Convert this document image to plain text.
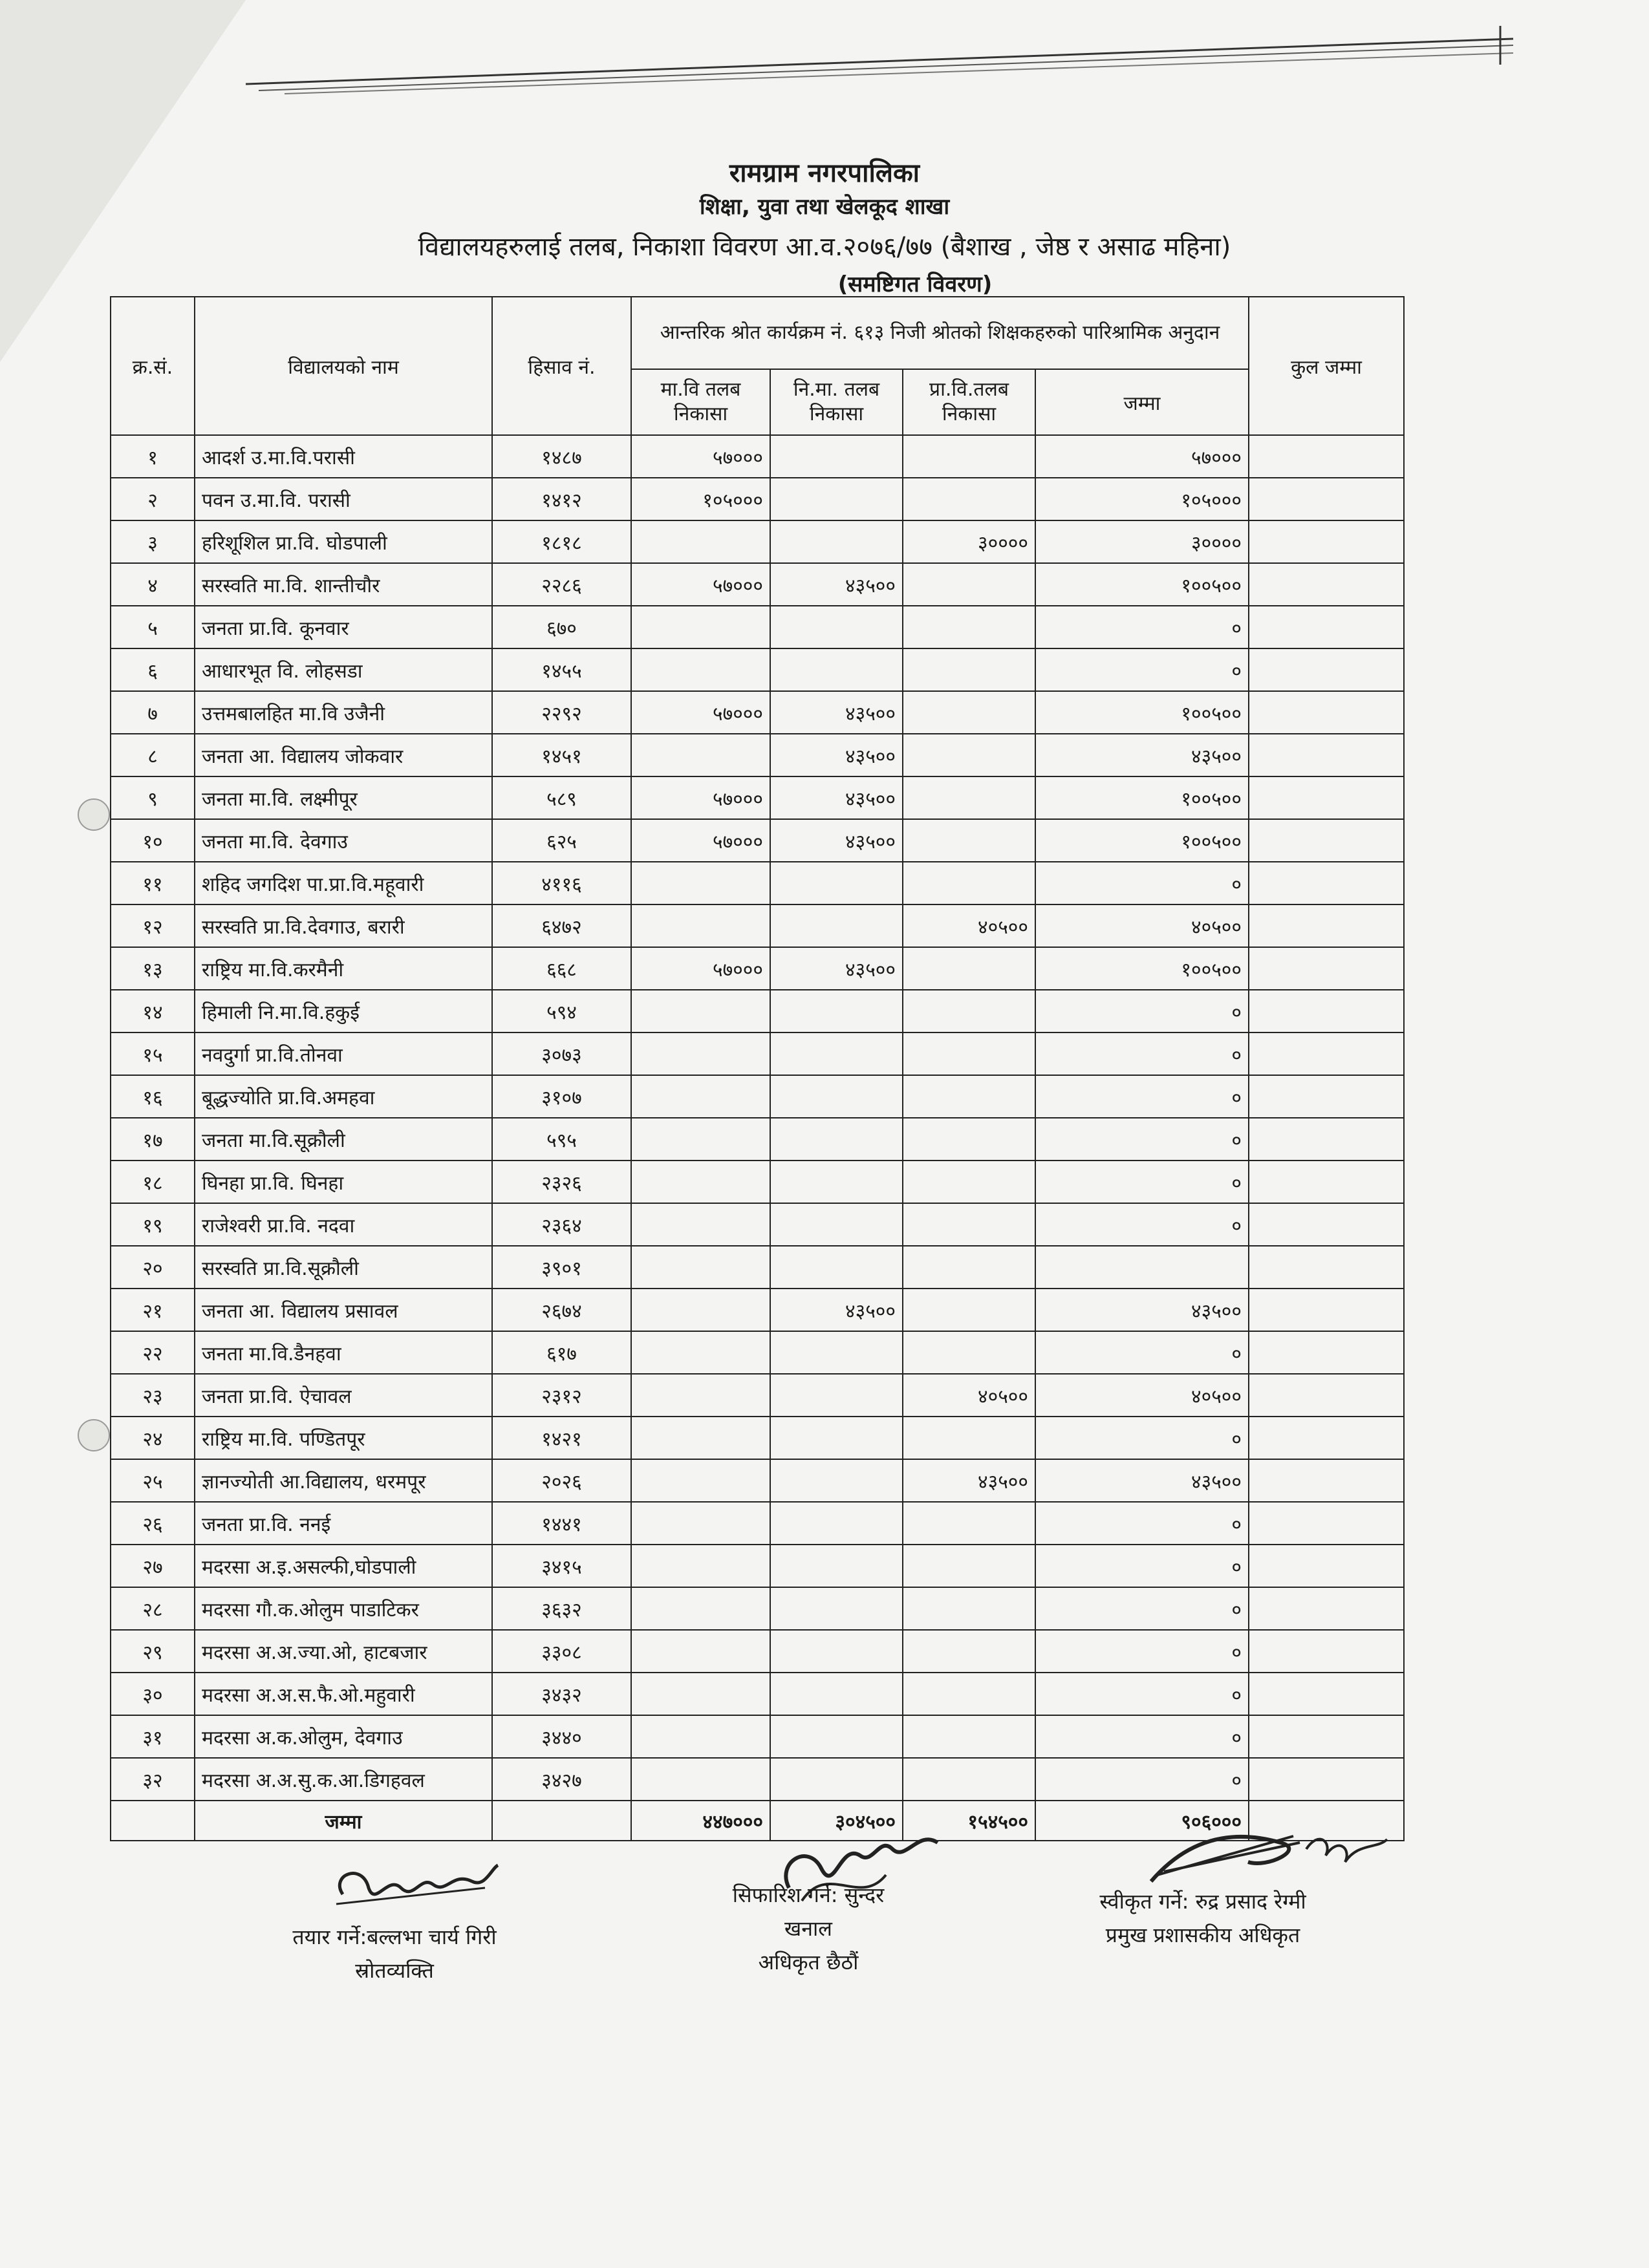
रामग्राम नगरपालिका
शिक्षा, युवा तथा खेलकूद शाखा
विद्यालयहरुलाई तलब, निकाशा विवरण आ.व.२०७६/७७ (बैशाख , जेष्ठ र असाढ महिना)
(समष्टिगत विवरण)
क्र.सं.	विद्यालयको नाम	हिसाव नं.	आन्तरिक श्रोत कार्यक्रम नं. ६१३ निजी श्रोतको शिक्षकहरुको पारिश्रामिक अनुदान				कुल जम्मा
			मा.वि तलब निकासा	नि.मा. तलब निकासा	प्रा.वि.तलब निकासा	जम्मा	
१	आदर्श उ.मा.वि.परासी	१४८७	५७०००			५७०००	
२	पवन उ.मा.वि. परासी	१४१२	१०५०००			१०५०००	
३	हरिशूशिल प्रा.वि. घोडपाली	१८१८			३००००	३००००	
४	सरस्वति मा.वि. शान्तीचौर	२२८६	५७०००	४३५००		१००५००	
५	जनता प्रा.वि. कूनवार	६७०				०	
६	आधारभूत वि. लोहसडा	१४५५				०	
७	उत्तमबालहित मा.वि उजैनी	२२९२	५७०००	४३५००		१००५००	
८	जनता आ. विद्यालय जोकवार	१४५१		४३५००		४३५००	
९	जनता मा.वि. लक्ष्मीपूर	५८९	५७०००	४३५००		१००५००	
१०	जनता मा.वि. देवगाउ	६२५	५७०००	४३५००		१००५००	
११	शहिद जगदिश पा.प्रा.वि.महूवारी	४११६				०	
१२	सरस्वति प्रा.वि.देवगाउ, बरारी	६४७२			४०५००	४०५००	
१३	राष्ट्रिय मा.वि.करमैनी	६६८	५७०००	४३५००		१००५००	
१४	हिमाली नि.मा.वि.हकुई	५९४				०	
१५	नवदुर्गा प्रा.वि.तोनवा	३०७३				०	
१६	बूद्धज्योति प्रा.वि.अमहवा	३१०७				०	
१७	जनता मा.वि.सूक्रौली	५९५				०	
१८	घिनहा प्रा.वि. घिनहा	२३२६				०	
१९	राजेश्वरी प्रा.वि. नदवा	२३६४				०	
२०	सरस्वति प्रा.वि.सूक्रौली	३९०१					
२१	जनता आ. विद्यालय प्रसावल	२६७४		४३५००		४३५००	
२२	जनता मा.वि.डैनहवा	६१७				०	
२३	जनता प्रा.वि. ऐचावल	२३१२			४०५००	४०५००	
२४	राष्ट्रिय मा.वि. पण्डितपूर	१४२१				०	
२५	ज्ञानज्योती आ.विद्यालय, धरमपूर	२०२६			४३५००	४३५००	
२६	जनता प्रा.वि. ननई	१४४१				०	
२७	मदरसा अ.इ.असल्फी,घोडपाली	३४१५				०	
२८	मदरसा गौ.क.ओलुम पाडाटिकर	३६३२				०	
२९	मदरसा अ.अ.ज्या.ओ, हाटबजार	३३०८				०	
३०	मदरसा अ.अ.स.फै.ओ.महुवारी	३४३२				०	
३१	मदरसा अ.क.ओलुम, देवगाउ	३४४०				०	
३२	मदरसा अ.अ.सु.क.आ.डिगहवल	३४२७				०	
	जम्मा		४४७०००	३०४५००	१५४५००	९०६०००	
तयार गर्ने:बल्लभा चार्य गिरी
स्रोतव्यक्ति
सिफारिश गर्ने: सुन्दर
खनाल
अधिकृत छैठौं
स्वीकृत गर्ने: रुद्र प्रसाद रेग्मी
प्रमुख प्रशासकीय अधिकृत
